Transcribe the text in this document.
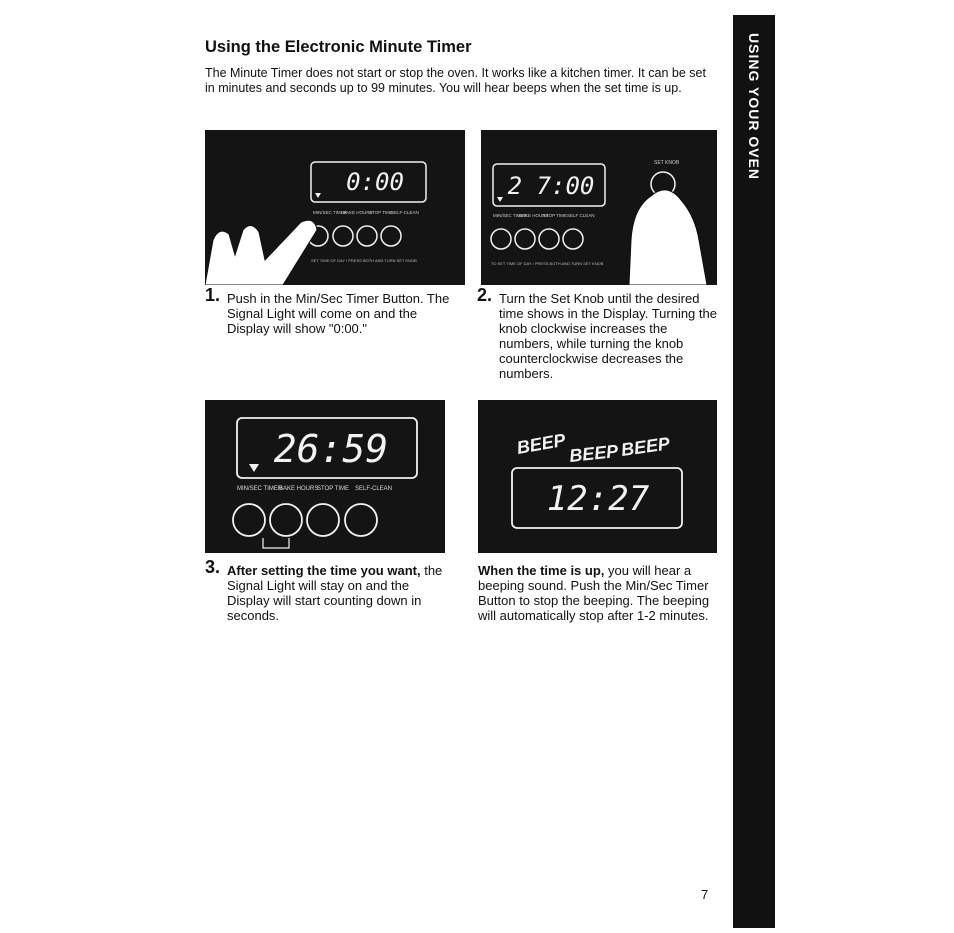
USING YOUR OVEN
Using the Electronic Minute Timer

The Minute Timer does not start or stop the oven. It works like a kitchen timer. It can be set in minutes and seconds up to 99 minutes. You will hear beeps when the set time is up.

0:00
MIN/SEC TIMER
BAKE HOURS
STOP TIME
SELF-CLEAN
SET TIME OF DAY / PRESS BOTH AND TURN SET KNOB
2 7:00
SET KNOB
MIN/SEC TIMER
BAKE HOURS
STOP TIME SELF CLEAN
TO SET TIME OF DAY / PRESS BOTH AND TURN SET KNOB
26:59
MIN/SEC TIMER
BAKE HOURS
STOP TIME SELF-CLEAN
BEEP BEEP BEEP
12:27
1. Push in the Min/Sec Timer Button. The Signal Light will come on and the Display will show "0:00."
2. Turn the Set Knob until the desired time shows in the Display. Turning the knob clockwise increases the numbers, while turning the knob counterclockwise decreases the numbers.
3. After setting the time you want, the Signal Light will stay on and the Display will start counting down in seconds.
When the time is up, you will hear a beeping sound. Push the Min/Sec Timer Button to stop the beeping. The beeping will automatically stop after 1-2 minutes.
7
